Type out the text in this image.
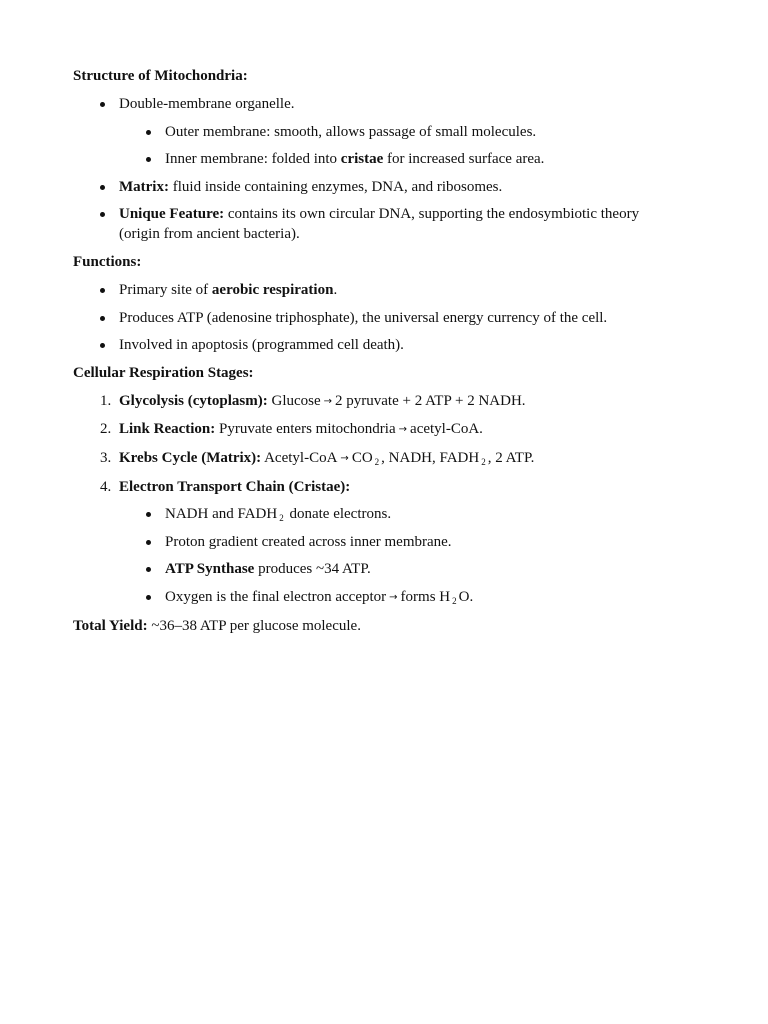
Structure of Mitochondria:
Double-membrane organelle.
Outer membrane: smooth, allows passage of small molecules.
Inner membrane: folded into cristae for increased surface area.
Matrix: fluid inside containing enzymes, DNA, and ribosomes.
Unique Feature: contains its own circular DNA, supporting the endosymbiotic theory (origin from ancient bacteria).
Functions:
Primary site of aerobic respiration.
Produces ATP (adenosine triphosphate), the universal energy currency of the cell.
Involved in apoptosis (programmed cell death).
Cellular Respiration Stages:
1. Glycolysis (cytoplasm): Glucose → 2 pyruvate + 2 ATP + 2 NADH.
2. Link Reaction: Pyruvate enters mitochondria → acetyl-CoA.
3. Krebs Cycle (Matrix): Acetyl-CoA → CO $_2$ , NADH, FADH $_2$ , 2 ATP.
4. Electron Transport Chain (Cristae):
NADH and FADH $_2$ donate electrons.
Proton gradient created across inner membrane.
ATP Synthase produces ~34 ATP.
Oxygen is the final electron acceptor → forms H $_2$ O.
Total Yield: ~36–38 ATP per glucose molecule.
